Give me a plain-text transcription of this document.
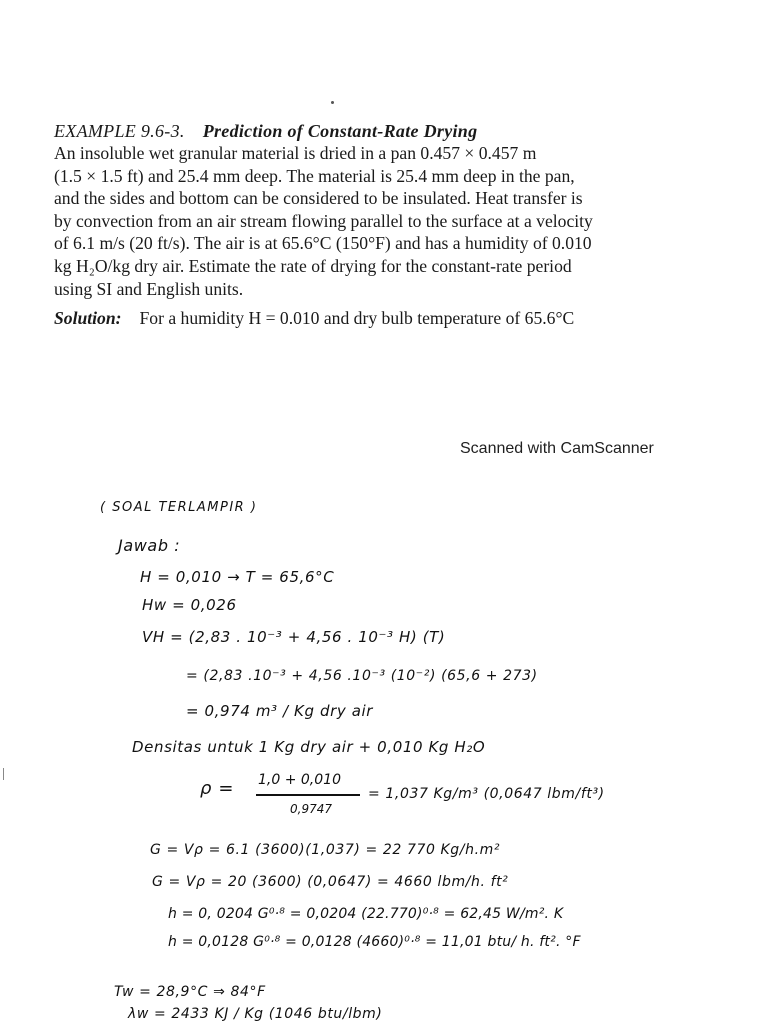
EXAMPLE 9.6-3. Prediction of Constant-Rate Drying

An insoluble wet granular material is dried in a pan 0.457 × 0.457 m

(1.5 × 1.5 ft) and 25.4 mm deep. The material is 25.4 mm deep in the pan,

and the sides and bottom can be considered to be insulated. Heat transfer is

by convection from an air stream flowing parallel to the surface at a velocity

of 6.1 m/s (20 ft/s). The air is at 65.6°C (150°F) and has a humidity of 0.010

kg H₂O/kg dry air. Estimate the rate of drying for the constant-rate period

using SI and English units.

Solution: For a humidity H = 0.010 and dry bulb temperature of 65.6°C
Scanned with CamScanner
( SOAL TERLAMPIR )
Jawab :
H = 0,010 → T = 65,6°C
Hw = 0,026
VH = (2,83 . 10⁻³ + 4,56 . 10⁻³ H) (T)
= (2,83 .10⁻³ + 4,56 .10⁻³ (10⁻²) (65,6 + 273)
= 0,974 m³ / Kg dry air
Densitas untuk 1 Kg dry air + 0,010 Kg H₂O
ρ = 1,0 + 0,010
0,9747
= 1,037 Kg/m³ (0,0647 lbm/ft³)
G = Vρ = 6.1 (3600)(1,037) = 22 770 Kg/h.m²
G = Vρ = 20 (3600) (0,0647) = 4660 lbm/h. ft²
h = 0, 0204 G⁰·⁸ = 0,0204 (22.770)⁰·⁸ = 62,45 W/m². K
h = 0,0128 G⁰·⁸ = 0,0128 (4660)⁰·⁸ = 11,01 btu/ h. ft². °F
Tw = 28,9°C ⇒ 84°F
λw = 2433 KJ / Kg (1046 btu/lbm)
